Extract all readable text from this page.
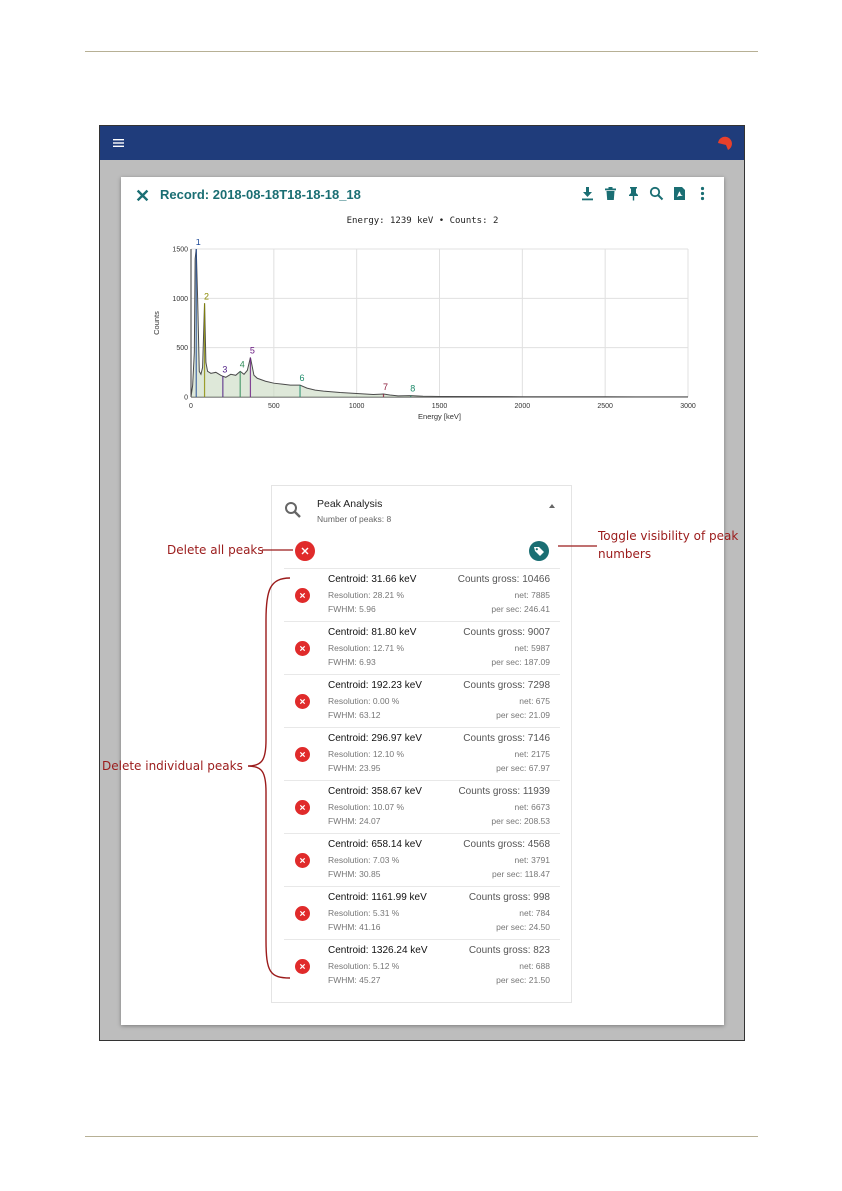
✕ Record: 2018-08-18T18-18-18_18
Energy: 1239 keV • Counts: 2
0	500	1000	1500	2000	2500	3000
0
500
1000
1500
1
2
3 4
5
6
7 8
Energy [keV]
Counts
Peak Analysis
Number of peaks: 8
Centroid: 31.66 keV
Resolution: 28.21 %
FWHM: 5.96
Counts gross: 10466
net: 7885
per sec: 246.41
Centroid: 81.80 keV
Resolution: 12.71 %
FWHM: 6.93
Counts gross: 9007
net: 5987
per sec: 187.09
Centroid: 192.23 keV
Resolution: 0.00 %
FWHM: 63.12
Counts gross: 7298
net: 675
per sec: 21.09
Centroid: 296.97 keV
Resolution: 12.10 %
FWHM: 23.95
Counts gross: 7146
net: 2175
per sec: 67.97
Centroid: 358.67 keV
Resolution: 10.07 %
FWHM: 24.07
Counts gross: 11939
net: 6673
per sec: 208.53
Centroid: 658.14 keV
Resolution: 7.03 %
FWHM: 30.85
Counts gross: 4568
net: 3791
per sec: 118.47
Centroid: 1161.99 keV
Resolution: 5.31 %
FWHM: 41.16
Counts gross: 998
net: 784
per sec: 24.50
Centroid: 1326.24 keV
Resolution: 5.12 %
FWHM: 45.27
Counts gross: 823
net: 688
per sec: 21.50
Delete all peaks
Toggle visibility of peak
numbers
Delete individual peaks
